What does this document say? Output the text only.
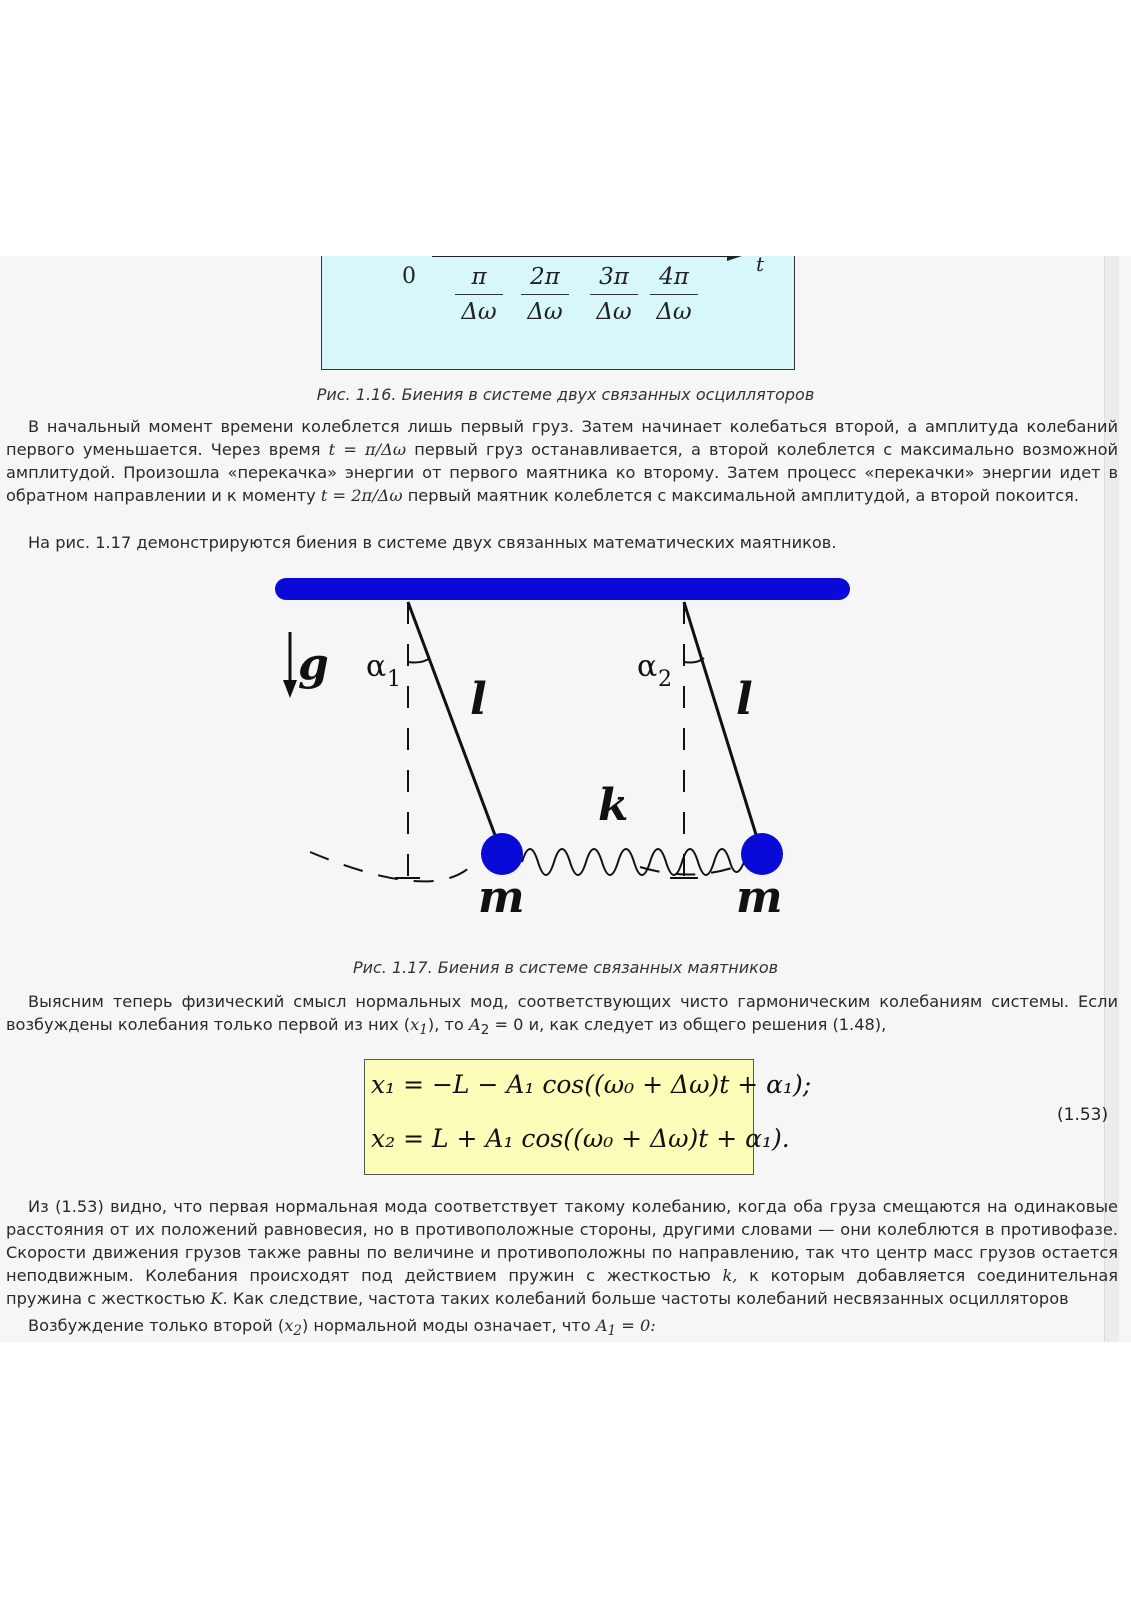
t
$0 \frac{\pi}{\Delta\omega} \frac{2\pi}{\Delta\omega} \frac{3\pi}{\Delta\omega} \frac{4\pi}{\Delta\omega}$
Рис. 1.16. Биения в системе двух связанных осцилляторов
В начальный момент времени колеблется лишь первый груз. Затем начинает колебаться второй, а амплитуда колебаний первого уменьшается. Через время t = π/Δω первый груз останавливается, а второй колеблется с максимально возможной амплитудой. Произошла «перекачка» энергии от первого маятника ко второму. Затем процесс «перекачки» энергии идет в обратном направлении и к моменту t = 2π/Δω первый маятник колеблется с максимальной амплитудой, а второй покоится.
На рис. 1.17 демонстрируются биения в системе двух связанных математических маятников.
g α 1	α 2
l	l
k
m	m
Рис. 1.17. Биения в системе связанных маятников
Выясним теперь физический смысл нормальных мод, соответствующих чисто гармоническим колебаниям системы. Если возбуждены колебания только первой из них $(x_1)$, то $A_2 = 0$ и, как следует из общего решения (1.48),
x₁ = −L − A₁ cos((ω₀ + Δω)t + α₁);
x₂ = L + A₁ cos((ω₀ + Δω)t + α₁).
(1.53)
Из (1.53) видно, что первая нормальная мода соответствует такому колебанию, когда оба груза смещаются на одинаковые расстояния от их положений равновесия, но в противоположные стороны, другими словами — они колеблются в противофазе. Скорости движения грузов также равны по величине и противоположны по направлению, так что центр масс грузов остается неподвижным. Колебания происходят под действием пружин с жесткостью k, к которым добавляется соединительная пружина с жесткостью K. Как следствие, частота таких колебаний больше частоты колебаний несвязанных осцилляторов
Возбуждение только второй $(x_2)$ нормальной моды означает, что $A_1 = 0$:
